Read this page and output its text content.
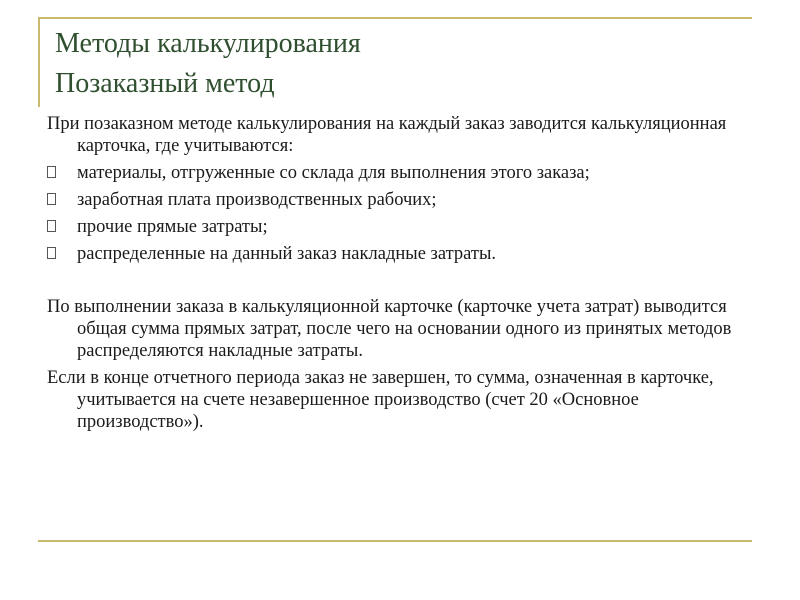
Методы калькулирования
Позаказный метод

При позаказном методе калькулирования на каждый заказ заводится калькуляционная карточка, где учитываются:

материалы, отгруженные со склада для выполнения этого заказа;
заработная плата производственных рабочих;
прочие прямые затраты;
распределенные на данный заказ накладные затраты.

По выполнении заказа в калькуляционной карточке (карточке учета затрат) выводится общая сумма прямых затрат, после чего на основании одного из принятых методов распределяются накладные затраты.

Если в конце отчетного периода заказ не завершен, то сумма, означенная в карточке, учитывается на счете незавершенное производство (счет 20 «Основное производство»).
